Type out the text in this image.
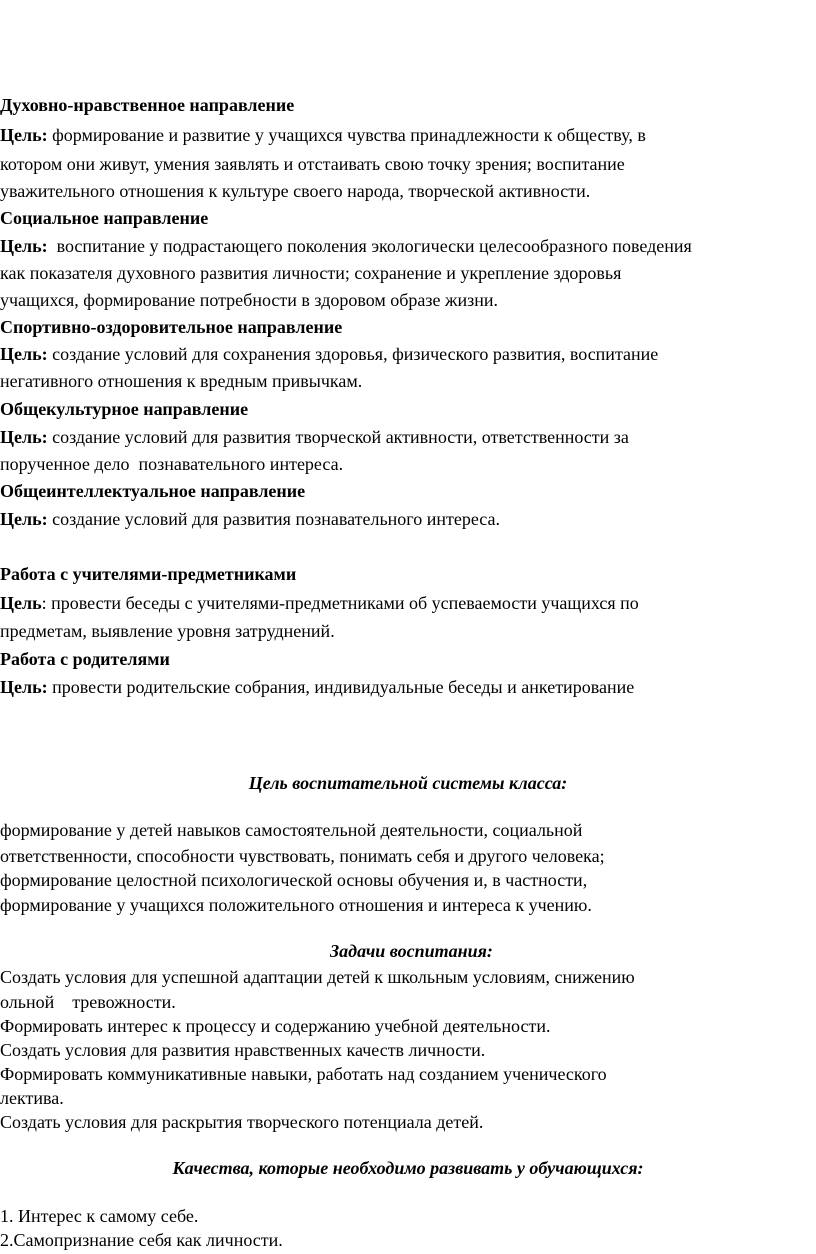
Духовно-нравственное направление
Цель: формирование и развитие у учащихся чувства принадлежности к обществу, в
котором они живут, умения заявлять и отстаивать свою точку зрения; воспитание
уважительного отношения к культуре своего народа, творческой активности.
Социальное направление
Цель:  воспитание у подрастающего поколения экологически целесообразного поведения
как показателя духовного развития личности; сохранение и укрепление здоровья
учащихся, формирование потребности в здоровом образе жизни.
Спортивно-оздоровительное направление
Цель: создание условий для сохранения здоровья, физического развития, воспитание
негативного отношения к вредным привычкам.
Общекультурное направление
Цель: создание условий для развития творческой активности, ответственности за
порученное дело  познавательного интереса.
Общеинтеллектуальное направление
Цель: создание условий для развития познавательного интереса.
Работа с учителями-предметниками
Цель: провести беседы с учителями-предметниками об успеваемости учащихся по
предметам, выявление уровня затруднений.
Работа с родителями
Цель: провести родительские собрания, индивидуальные беседы и анкетирование
Цель воспитательной системы класса:
формирование у детей навыков самостоятельной деятельности, социальной
ответственности, способности чувствовать, понимать себя и другого человека;
формирование целостной психологической основы обучения и, в частности,
формирование у учащихся положительного отношения и интереса к учению.
Задачи воспитания:
Создать условия для успешной адаптации детей к школьным условиям, снижению
ольной    тревожности.
Формировать интерес к процессу и содержанию учебной деятельности.
Создать условия для развития нравственных качеств личности.
Формировать коммуникативные навыки, работать над созданием ученического
лектива.
Создать условия для раскрытия творческого потенциала детей.
Качества, которые необходимо развивать у обучающихся:
1. Интерес к самому себе.
2.Самопризнание себя как личности.
